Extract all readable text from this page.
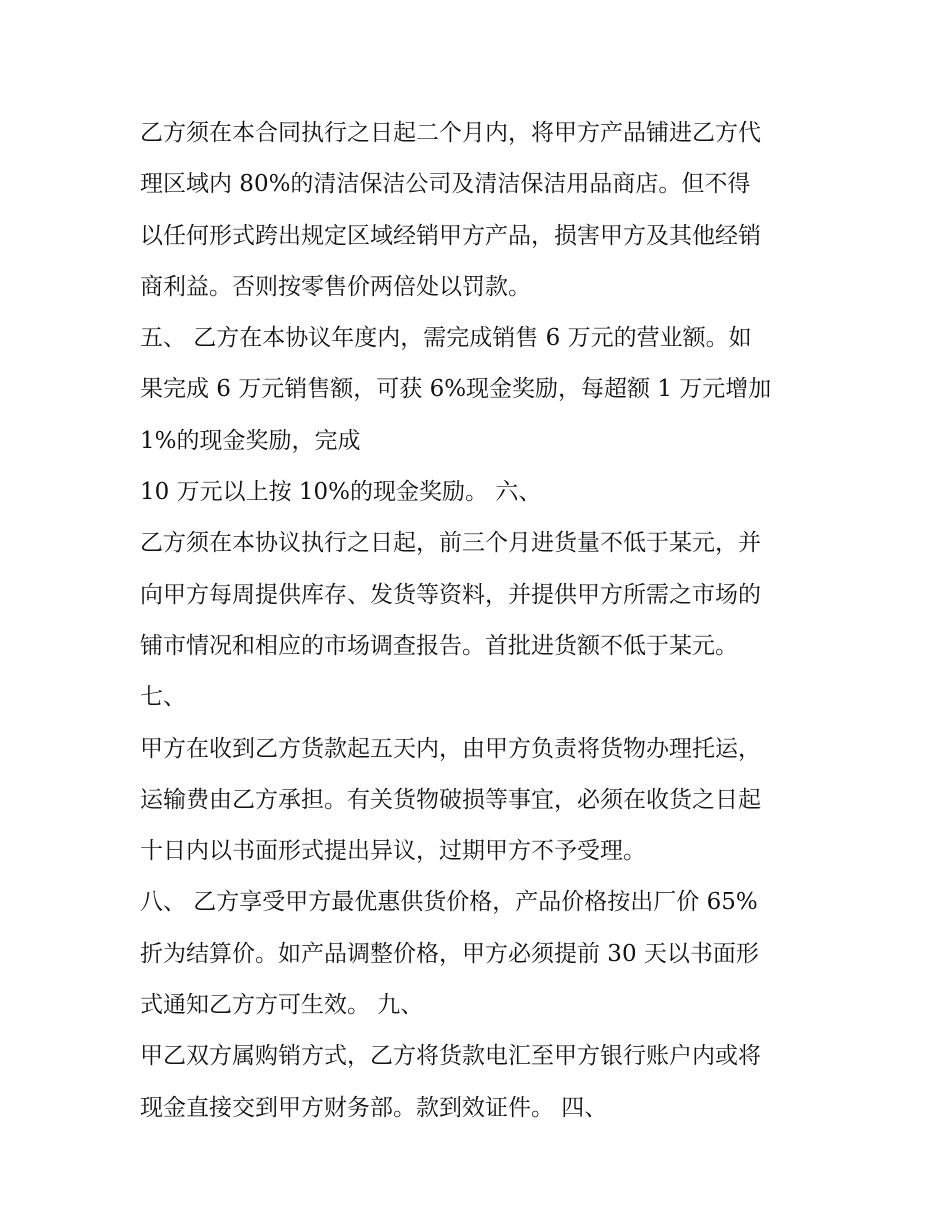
乙方须在本合同执行之日起二个月内，将甲方产品铺进乙方代
理区域内 80%的清洁保洁公司及清洁保洁用品商店。但不得
以任何形式跨出规定区域经销甲方产品，损害甲方及其他经销
商利益。否则按零售价两倍处以罚款。
五、 乙方在本协议年度内，需完成销售 6 万元的营业额。如
果完成 6 万元销售额，可获 6%现金奖励，每超额 1 万元增加
1%的现金奖励，完成
10 万元以上按 10%的现金奖励。 六、
乙方须在本协议执行之日起，前三个月进货量不低于某元，并
向甲方每周提供库存、发货等资料，并提供甲方所需之市场的
铺市情况和相应的市场调查报告。首批进货额不低于某元。
七、
甲方在收到乙方货款起五天内，由甲方负责将货物办理托运，
运输费由乙方承担。有关货物破损等事宜，必须在收货之日起
十日内以书面形式提出异议，过期甲方不予受理。
八、 乙方享受甲方最优惠供货价格，产品价格按出厂价 65%
折为结算价。如产品调整价格，甲方必须提前 30 天以书面形
式通知乙方方可生效。 九、
甲乙双方属购销方式，乙方将货款电汇至甲方银行账户内或将
现金直接交到甲方财务部。款到效证件。 四、
